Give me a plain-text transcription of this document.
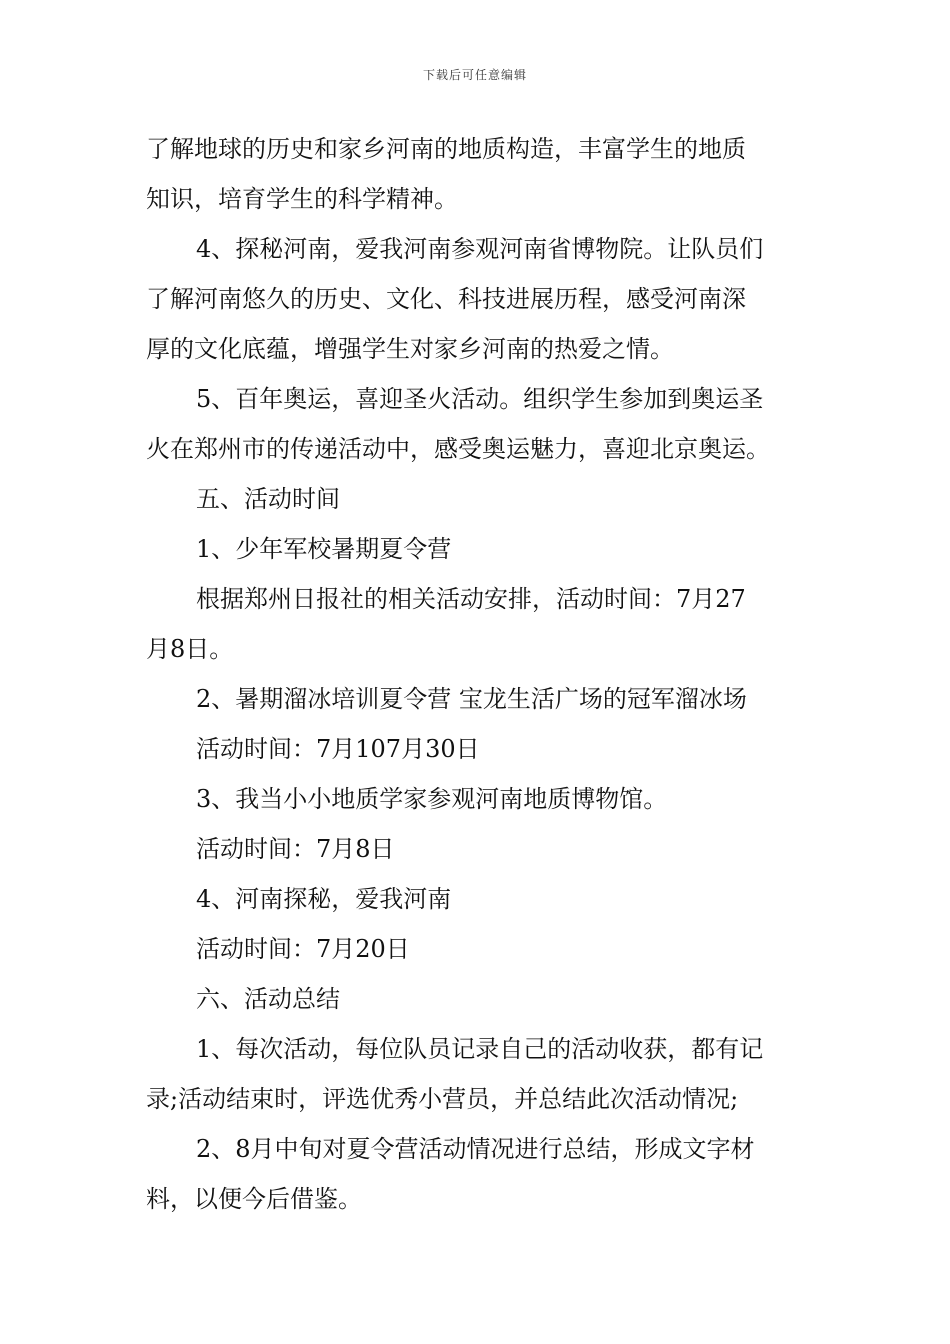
下载后可任意编辑
了解地球的历史和家乡河南的地质构造，丰富学生的地质
知识，培育学生的科学精神。
4、探秘河南，爱我河南参观河南省博物院。让队员们
了解河南悠久的历史、文化、科技进展历程，感受河南深
厚的文化底蕴，增强学生对家乡河南的热爱之情。
5、百年奥运，喜迎圣火活动。组织学生参加到奥运圣
火在郑州市的传递活动中，感受奥运魅力，喜迎北京奥运。
五、活动时间
1、少年军校暑期夏令营
根据郑州日报社的相关活动安排，活动时间：7月27
月8日。
2、暑期溜冰培训夏令营 宝龙生活广场的冠军溜冰场
活动时间：7月107月30日
3、我当小小地质学家参观河南地质博物馆。
活动时间：7月8日
4、河南探秘，爱我河南
活动时间：7月20日
六、活动总结
1、每次活动，每位队员记录自己的活动收获，都有记
录;活动结束时，评选优秀小营员，并总结此次活动情况;
2、8月中旬对夏令营活动情况进行总结，形成文字材
料，以便今后借鉴。
